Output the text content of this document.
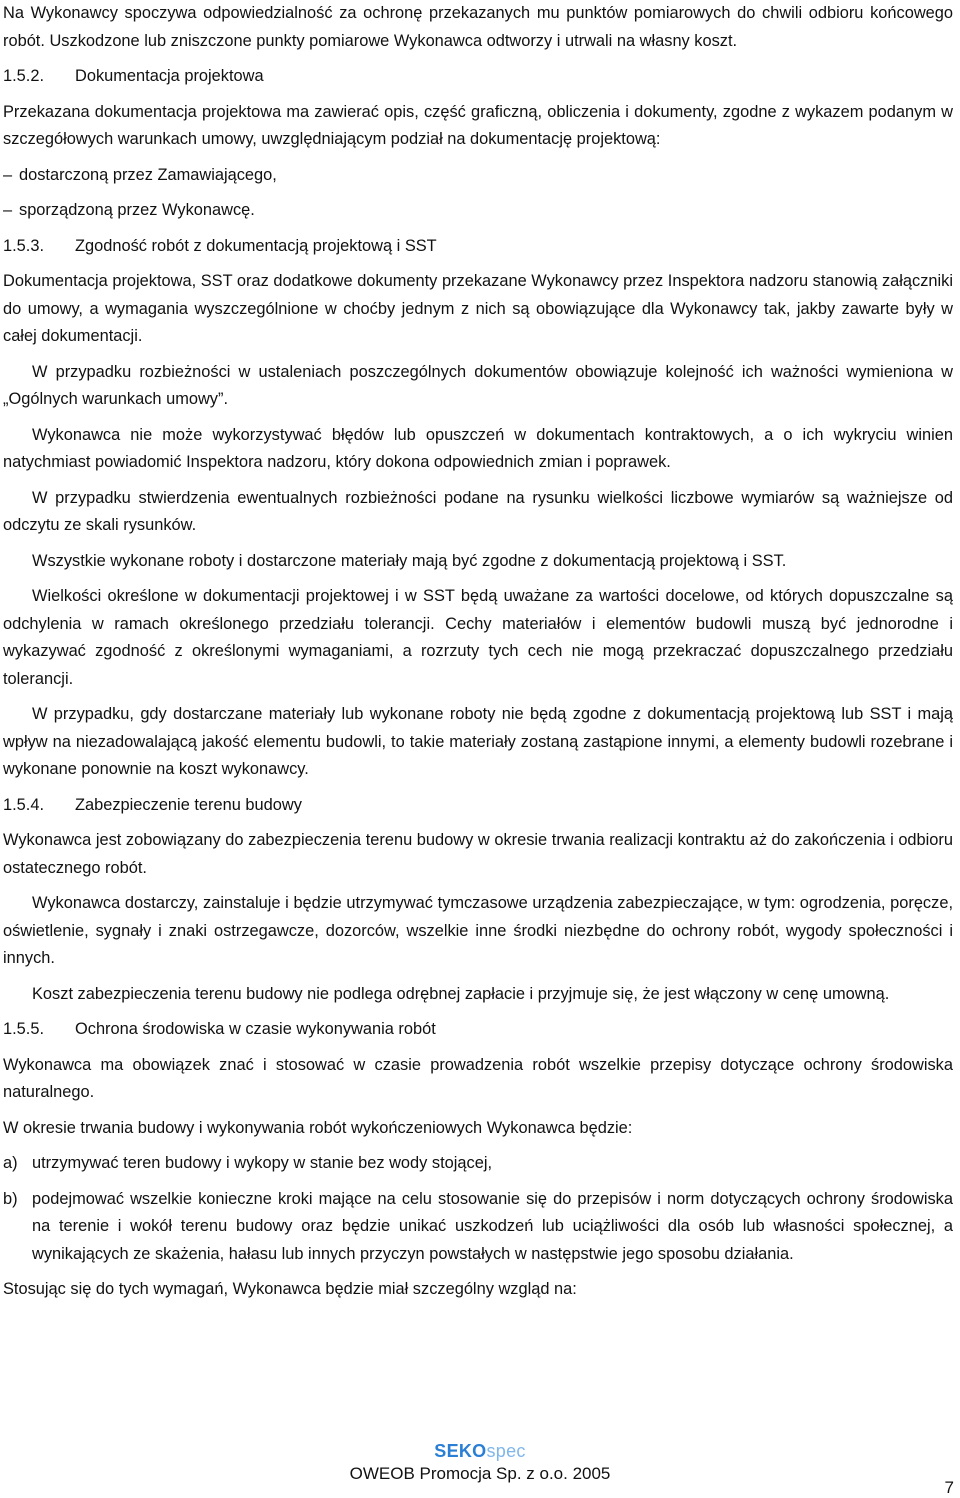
Na Wykonawcy spoczywa odpowiedzialność za ochronę przekazanych mu punktów pomiarowych do chwili odbioru końcowego robót. Uszkodzone lub zniszczone punkty pomiarowe Wykonawca odtworzy i utrwali na własny koszt.

1.5.2. Dokumentacja projektowa

Przekazana dokumentacja projektowa ma zawierać opis, część graficzną, obliczenia i dokumenty, zgodne z wykazem podanym w szczegółowych warunkach umowy, uwzględniającym podział na dokumentację projektową:

– dostarczoną przez Zamawiającego,

– sporządzoną przez Wykonawcę.

1.5.3. Zgodność robót z dokumentacją projektową i SST

Dokumentacja projektowa, SST oraz dodatkowe dokumenty przekazane Wykonawcy przez Inspektora nadzoru stanowią załączniki do umowy, a wymagania wyszczególnione w choćby jednym z nich są obowiązujące dla Wykonawcy tak, jakby zawarte były w całej dokumentacji.

W przypadku rozbieżności w ustaleniach poszczególnych dokumentów obowiązuje kolejność ich ważności wymieniona w „Ogólnych warunkach umowy”.

Wykonawca nie może wykorzystywać błędów lub opuszczeń w dokumentach kontraktowych, a o ich wykryciu winien natychmiast powiadomić Inspektora nadzoru, który dokona odpowiednich zmian i poprawek.

W przypadku stwierdzenia ewentualnych rozbieżności podane na rysunku wielkości liczbowe wymiarów są ważniejsze od odczytu ze skali rysunków.

Wszystkie wykonane roboty i dostarczone materiały mają być zgodne z dokumentacją projektową i SST.

Wielkości określone w dokumentacji projektowej i w SST będą uważane za wartości docelowe, od których dopuszczalne są odchylenia w ramach określonego przedziału tolerancji. Cechy materiałów i elementów budowli muszą być jednorodne i wykazywać zgodność z określonymi wymaganiami, a rozrzuty tych cech nie mogą przekraczać dopuszczalnego przedziału tolerancji.

W przypadku, gdy dostarczane materiały lub wykonane roboty nie będą zgodne z dokumentacją projektową lub SST i mają wpływ na niezadowalającą jakość elementu budowli, to takie materiały zostaną zastąpione innymi, a elementy budowli rozebrane i wykonane ponownie na koszt wykonawcy.

1.5.4. Zabezpieczenie terenu budowy

Wykonawca jest zobowiązany do zabezpieczenia terenu budowy w okresie trwania realizacji kontraktu aż do zakończenia i odbioru ostatecznego robót.

Wykonawca dostarczy, zainstaluje i będzie utrzymywać tymczasowe urządzenia zabezpieczające, w tym: ogrodzenia, poręcze, oświetlenie, sygnały i znaki ostrzegawcze, dozorców, wszelkie inne środki niezbędne do ochrony robót, wygody społeczności i innych.

Koszt zabezpieczenia terenu budowy nie podlega odrębnej zapłacie i przyjmuje się, że jest włączony w cenę umowną.

1.5.5. Ochrona środowiska w czasie wykonywania robót

Wykonawca ma obowiązek znać i stosować w czasie prowadzenia robót wszelkie przepisy dotyczące ochrony środowiska naturalnego.

W okresie trwania budowy i wykonywania robót wykończeniowych Wykonawca będzie:

a) utrzymywać teren budowy i wykopy w stanie bez wody stojącej,

b) podejmować wszelkie konieczne kroki mające na celu stosowanie się do przepisów i norm dotyczących ochrony środowiska na terenie i wokół terenu budowy oraz będzie unikać uszkodzeń lub uciążliwości dla osób lub własności społecznej, a wynikających ze skażenia, hałasu lub innych przyczyn powstałych w następstwie jego sposobu działania.

Stosując się do tych wymagań, Wykonawca będzie miał szczególny wzgląd na:

SEKOspec
OWEOB Promocja Sp. z o.o. 2005
7
